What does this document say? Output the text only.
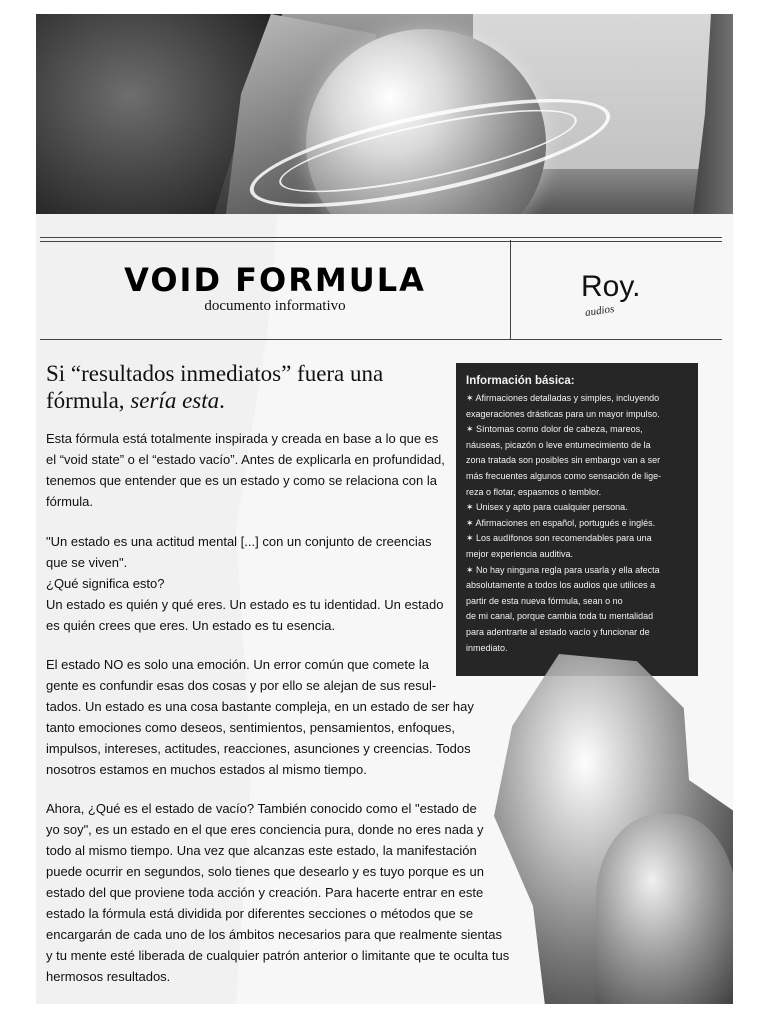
VOID FORMULA
documento informativo
Roy.
audios
Si “resultados inmediatos” fuera una fórmula, sería esta.

Esta fórmula está totalmente inspirada y creada en base a lo que es

el “void state” o el “estado vacío”. Antes de explicarla en profundidad,

tenemos que entender que es un estado y como se relaciona con la

fórmula.

"Un estado es una actitud mental [...] con un conjunto de creencias

que se viven".

¿Qué significa esto?

Un estado es quién y qué eres. Un estado es tu identidad. Un estado

es quién crees que eres. Un estado es tu esencia.

Información básica:

✶ Afirmaciones detalladas y simples, incluyendo

exageraciones drásticas para un mayor impulso.

✶ Síntomas como dolor de cabeza, mareos,

náuseas, picazón o leve entumecimiento de la

zona tratada son posibles sin embargo van a ser

más frecuentes algunos como sensación de lige-

reza o flotar, espasmos o temblor.

✶ Unisex y apto para cualquier persona.

✶ Afirmaciones en español, portugués e inglés.

✶ Los audífonos son recomendables para una

mejor experiencia auditiva.

✶ No hay ninguna regla para usarla y ella afecta

absolutamente a todos los audios que utilices a

partir de esta nueva fórmula, sean o no

de mi canal, porque cambia toda tu mentalidad

para adentrarte al estado vacío y funcionar de

inmediato.

El estado NO es solo una emoción. Un error común que comete la

gente es confundir esas dos cosas y por ello se alejan de sus resul-

tados. Un estado es una cosa bastante compleja, en un estado de ser hay

tanto emociones como deseos, sentimientos, pensamientos, enfoques,

impulsos, intereses, actitudes, reacciones, asunciones y creencias. Todos

nosotros estamos en muchos estados al mismo tiempo.

Ahora, ¿Qué es el estado de vacío? También conocido como el "estado de

yo soy", es un estado en el que eres conciencia pura, donde no eres nada y

todo al mismo tiempo. Una vez que alcanzas este estado, la manifestación

puede ocurrir en segundos, solo tienes que desearlo y es tuyo porque es un

estado del que proviene toda acción y creación. Para hacerte entrar en este

estado la fórmula está dividida por diferentes secciones o métodos que se

encargarán de cada uno de los ámbitos necesarios para que realmente sientas

y tu mente esté liberada de cualquier patrón anterior o limitante que te oculta tus

hermosos resultados.
